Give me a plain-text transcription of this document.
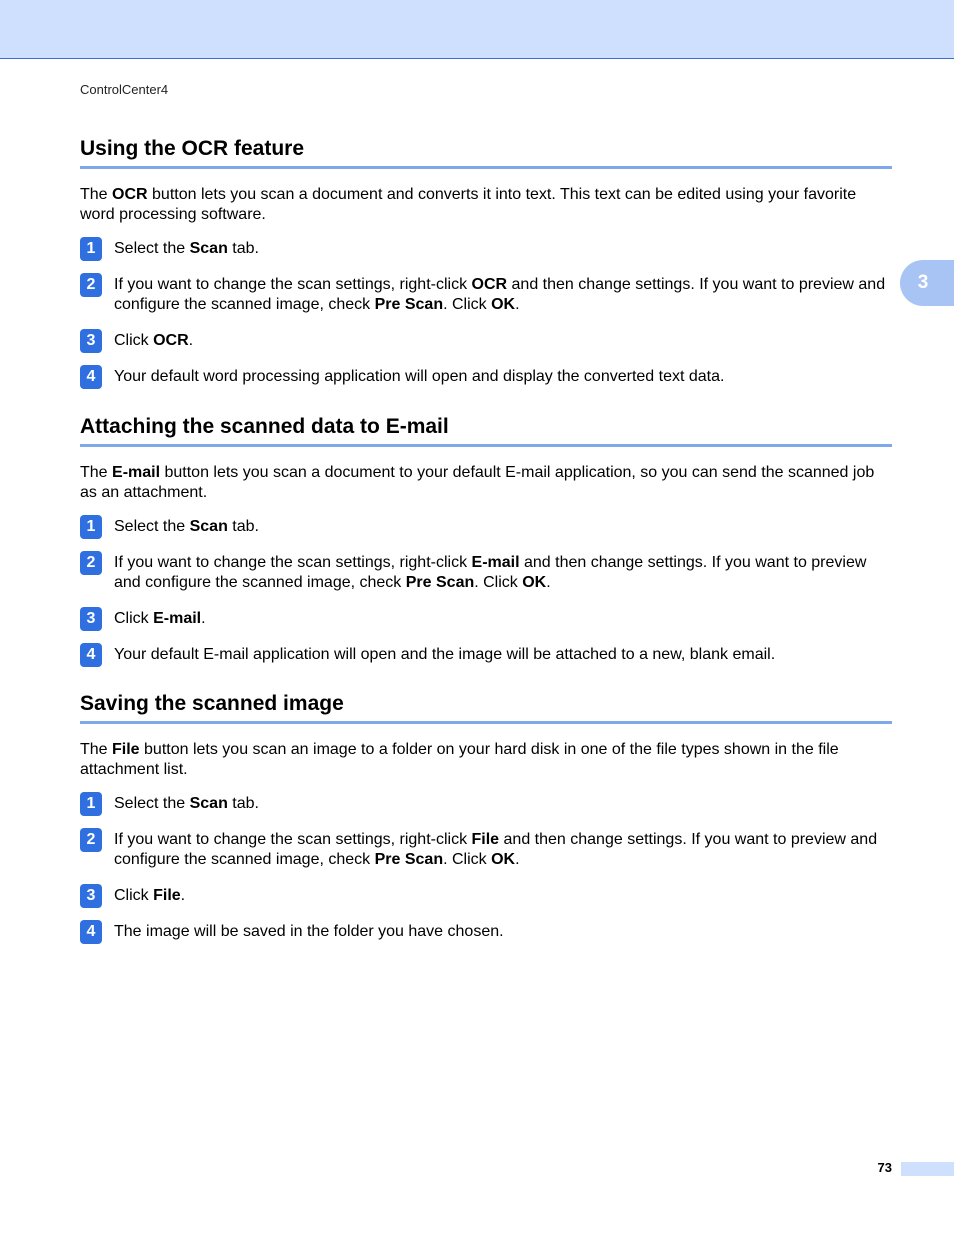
ControlCenter4
3
Using the OCR feature

The OCR button lets you scan a document and converts it into text. This text can be edited using your favorite word processing software.

1	Select the Scan tab.
2	If you want to change the scan settings, right-click OCR and then change settings. If you want to preview and configure the scanned image, check Pre Scan. Click OK.
3	Click OCR.
4	Your default word processing application will open and display the converted text data.
Attaching the scanned data to E-mail

The E-mail button lets you scan a document to your default E-mail application, so you can send the scanned job as an attachment.

1	Select the Scan tab.
2	If you want to change the scan settings, right-click E-mail and then change settings. If you want to preview and configure the scanned image, check Pre Scan. Click OK.
3	Click E-mail.
4	Your default E-mail application will open and the image will be attached to a new, blank email.
Saving the scanned image

The File button lets you scan an image to a folder on your hard disk in one of the file types shown in the file attachment list.

1	Select the Scan tab.
2	If you want to change the scan settings, right-click File and then change settings. If you want to preview and configure the scanned image, check Pre Scan. Click OK.
3	Click File.
4	The image will be saved in the folder you have chosen.
73
